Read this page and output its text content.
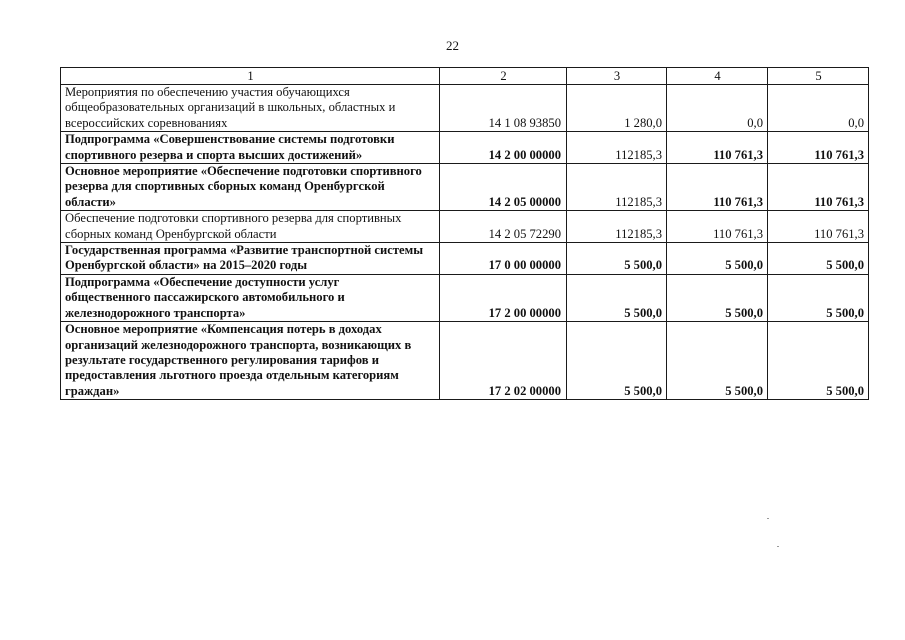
22
1	2	3	4	5
Мероприятия по обеспечению участия обучающихся общеобразовательных организаций в школьных, областных и всероссийских соревнованиях	14 1 08 93850	1 280,0	0,0	0,0
Подпрограмма «Совершенствование системы подготовки спортивного резерва и спорта высших достижений»	14 2 00 00000	112185,3	110 761,3	110 761,3
Основное мероприятие «Обеспечение подготовки спортивного резерва для спортивных сборных команд Оренбургской области»	14 2 05 00000	112185,3	110 761,3	110 761,3
Обеспечение подготовки спортивного резерва для спортивных сборных команд Оренбургской области	14 2 05 72290	112185,3	110 761,3	110 761,3
Государственная программа «Развитие транспортной системы Оренбургской области» на 2015–2020 годы	17 0 00 00000	5 500,0	5 500,0	5 500,0
Подпрограмма «Обеспечение доступности услуг общественного пассажирского автомобильного и железнодорожного транспорта»	17 2 00 00000	5 500,0	5 500,0	5 500,0
Основное мероприятие «Компенсация потерь в доходах организаций железнодорожного транспорта, возникающих в результате государственного регулирования тарифов и предоставления льготного проезда отдельным категориям граждан»	17 2 02 00000	5 500,0	5 500,0	5 500,0
